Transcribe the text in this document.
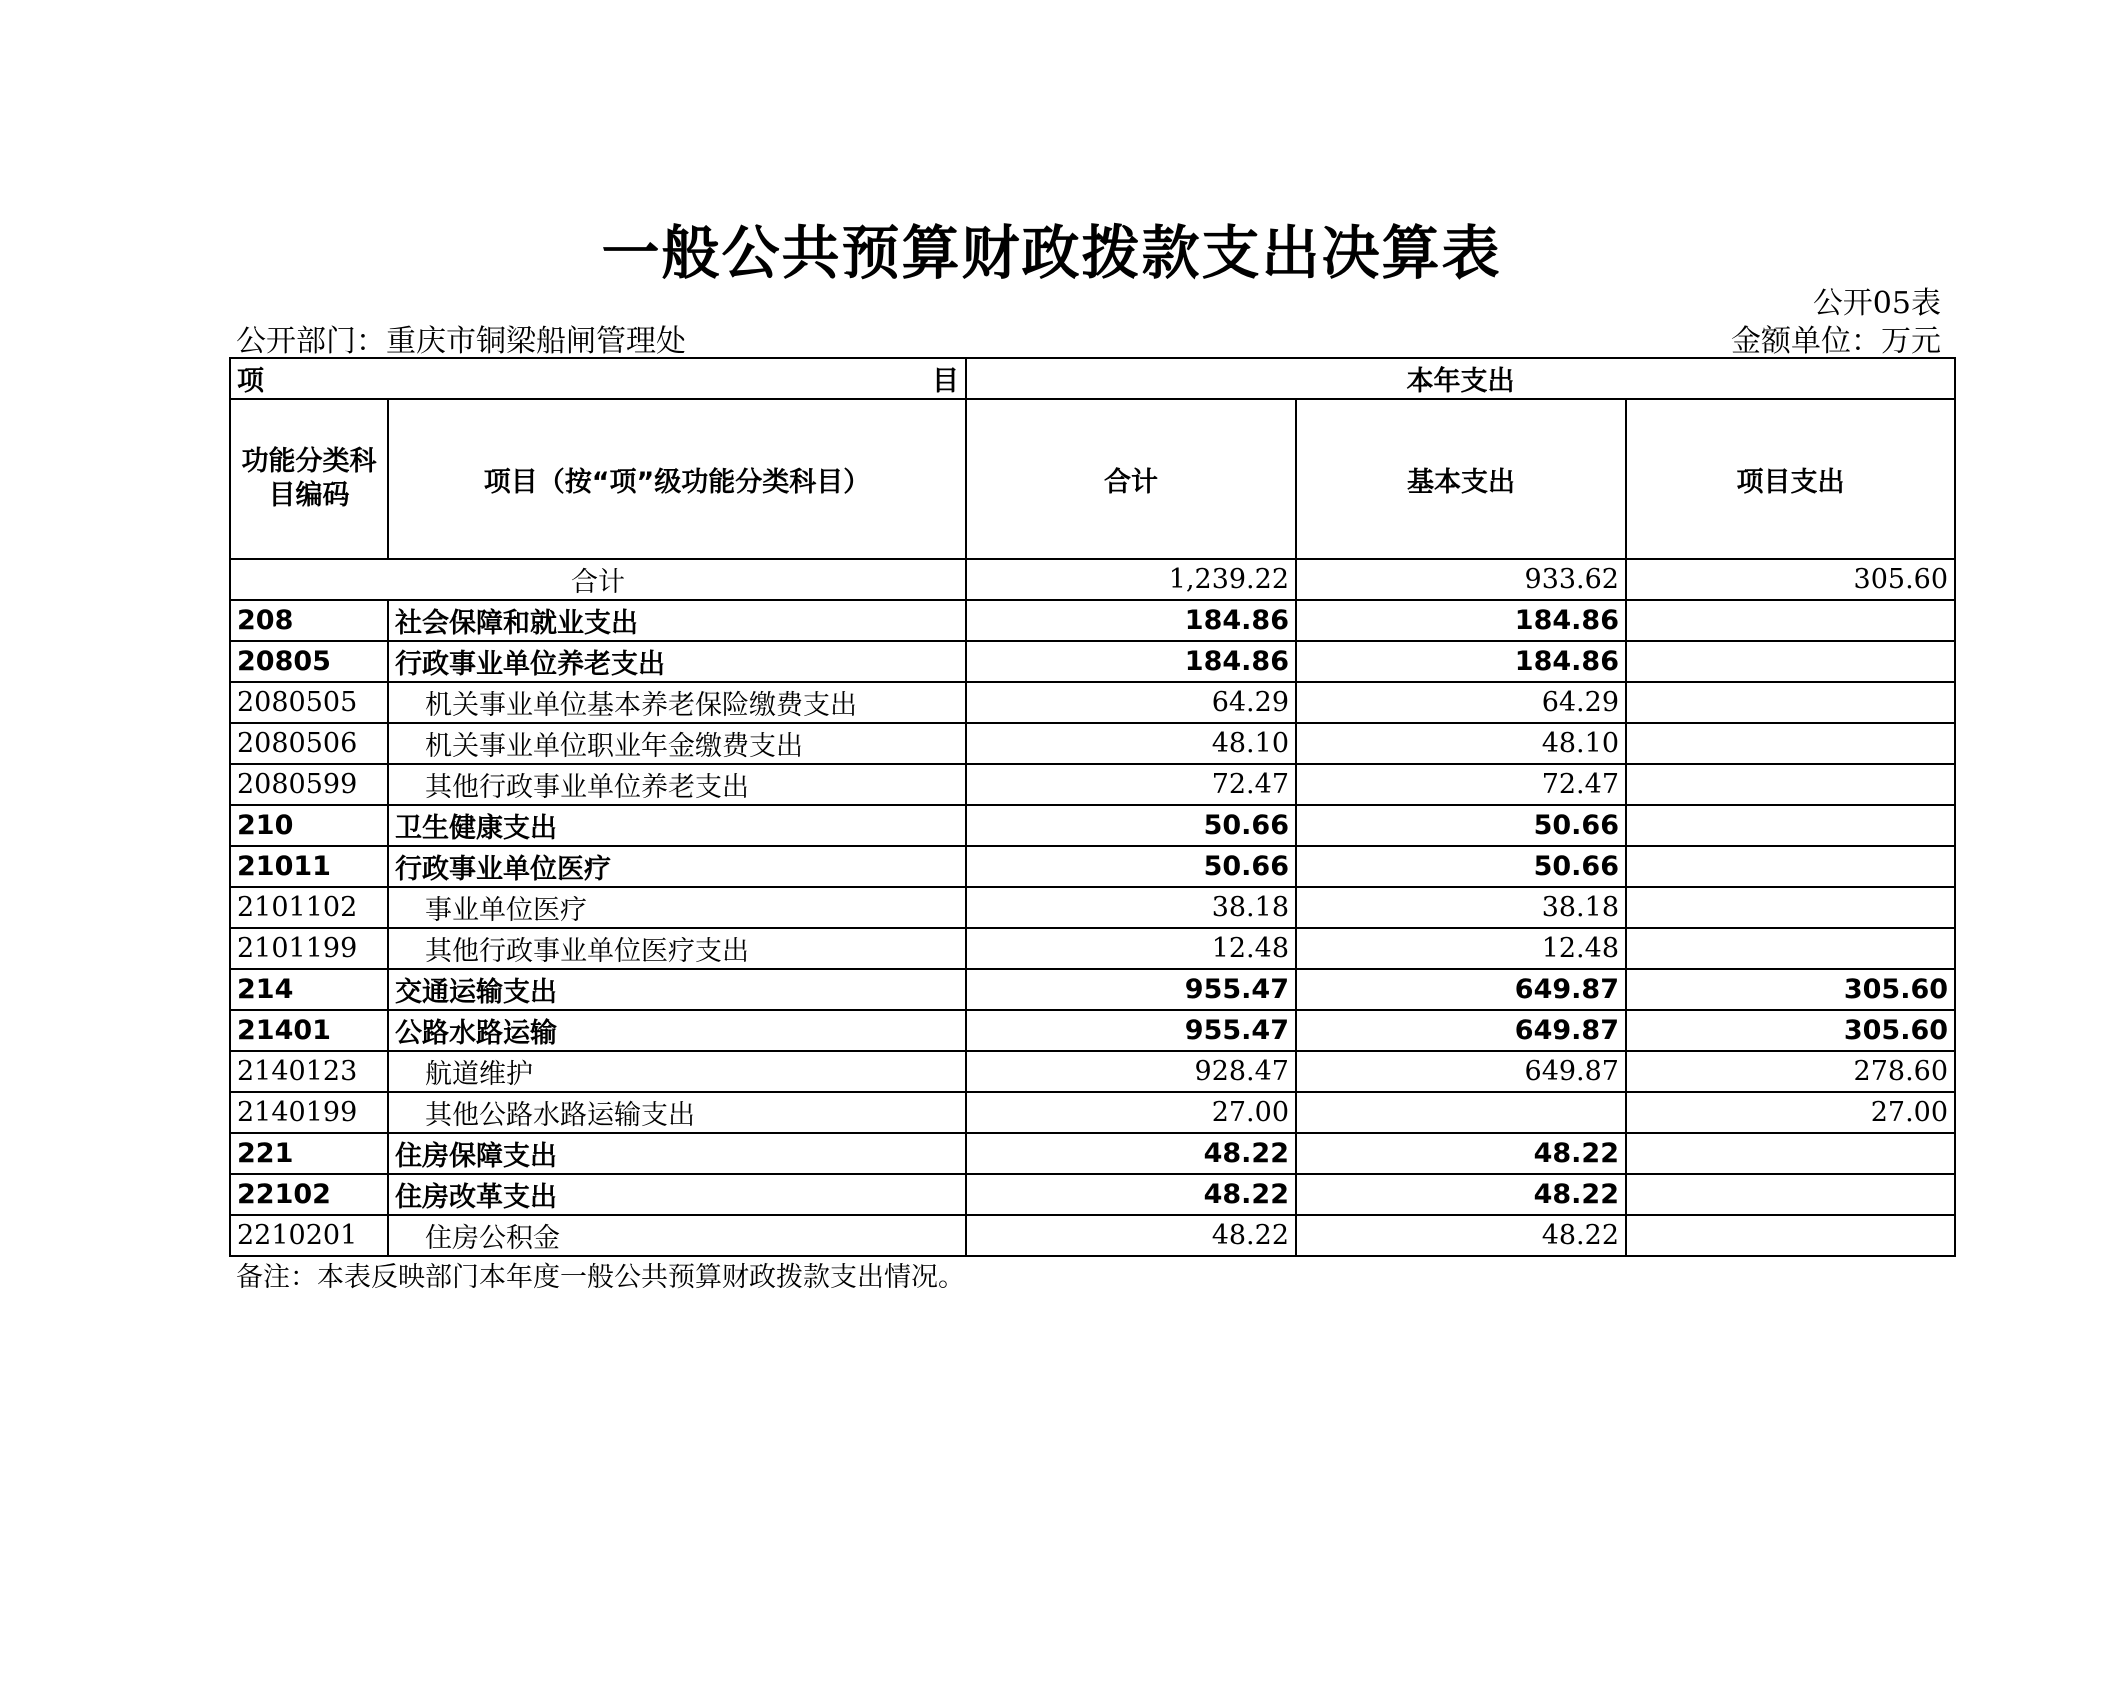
一般公共预算财政拨款支出决算表
公开05表
公开部门：重庆市铜梁船闸管理处	金额单位：万元
项 目		本年支出		
功能分类科目编码	项目（按“项”级功能分类科目）	合计	基本支出	项目支出
合计		1,239.22	933.62	305.60
208	社会保障和就业支出	184.86	184.86	
20805	行政事业单位养老支出	184.86	184.86	
2080505	机关事业单位基本养老保险缴费支出	64.29	64.29	
2080506	机关事业单位职业年金缴费支出	48.10	48.10	
2080599	其他行政事业单位养老支出	72.47	72.47	
210	卫生健康支出	50.66	50.66	
21011	行政事业单位医疗	50.66	50.66	
2101102	事业单位医疗	38.18	38.18	
2101199	其他行政事业单位医疗支出	12.48	12.48	
214	交通运输支出	955.47	649.87	305.60
21401	公路水路运输	955.47	649.87	305.60
2140123	航道维护	928.47	649.87	278.60
2140199	其他公路水路运输支出	27.00		27.00
221	住房保障支出	48.22	48.22	
22102	住房改革支出	48.22	48.22	
2210201	住房公积金	48.22	48.22	
备注：本表反映部门本年度一般公共预算财政拨款支出情况。
